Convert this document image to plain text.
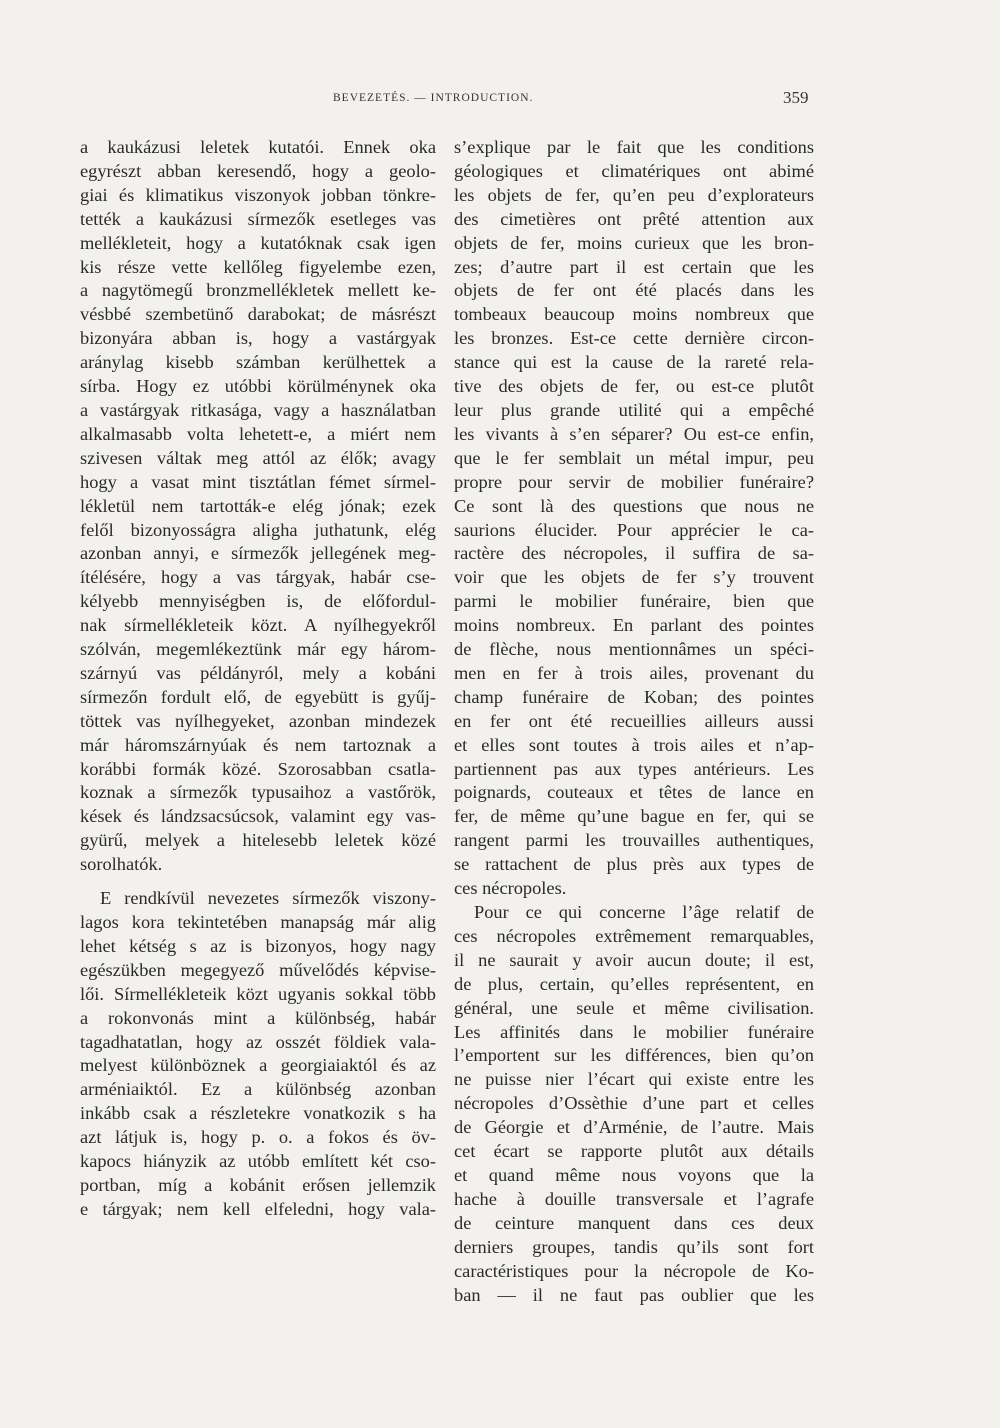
BEVEZETÉS. — INTRODUCTION.	359
a kaukázusi leletek kutatói. Ennek oka
egyrészt abban keresendő, hogy a geolo-
giai és klimatikus viszonyok jobban tönkre-
tették a kaukázusi sírmezők esetleges vas
mellékleteit, hogy a kutatóknak csak igen
kis része vette kellőleg figyelembe ezen,
a nagytömegű bronzmellékletek mellett ke-
vésbbé szembetünő darabokat; de másrészt
bizonyára abban is, hogy a vastárgyak
aránylag kisebb számban kerülhettek a
sírba. Hogy ez utóbbi körülménynek oka
a vastárgyak ritkasága, vagy a használatban
alkalmasabb volta lehetett-e, a miért nem
szivesen váltak meg attól az élők; avagy
hogy a vasat mint tisztátlan fémet sírmel-
lékletül nem tartották-e elég jónak; ezek
felől bizonyosságra aligha juthatunk, elég
azonban annyi, e sírmezők jellegének meg-
ítélésére, hogy a vas tárgyak, habár cse-
kélyebb mennyiségben is, de előfordul-
nak sírmellékleteik közt. A nyílhegyekről
szólván, megemlékeztünk már egy három-
szárnyú vas példányról, mely a kobáni
sírmezőn fordult elő, de egyebütt is gyűj-
töttek vas nyílhegyeket, azonban mindezek
már háromszárnyúak és nem tartoznak a
korábbi formák közé. Szorosabban csatla-
koznak a sírmezők typusaihoz a vastőrök,
kések és lándzsacsúcsok, valamint egy vas-
gyürű, melyek a hitelesebb leletek közé
sorolhatók.
E rendkívül nevezetes sírmezők viszony-
lagos kora tekintetében manapság már alig
lehet kétség s az is bizonyos, hogy nagy
egészükben megegyező művelődés képvise-
lői. Sírmellékleteik közt ugyanis sokkal több
a rokonvonás mint a különbség, habár
tagadhatatlan, hogy az osszét földiek vala-
melyest különböznek a georgiaiaktól és az
arméniaiktól. Ez a különbség azonban
inkább csak a részletekre vonatkozik s ha
azt látjuk is, hogy p. o. a fokos és öv-
kapocs hiányzik az utóbb említett két cso-
portban, míg a kobánit erősen jellemzik
e tárgyak; nem kell elfeledni, hogy vala-
s’explique par le fait que les conditions
géologiques et climatériques ont abimé
les objets de fer, qu’en peu d’explorateurs
des cimetières ont prêté attention aux
objets de fer, moins curieux que les bron-
zes; d’autre part il est certain que les
objets de fer ont été placés dans les
tombeaux beaucoup moins nombreux que
les bronzes. Est-ce cette dernière circon-
stance qui est la cause de la rareté rela-
tive des objets de fer, ou est-ce plutôt
leur plus grande utilité qui a empêché
les vivants à s’en séparer? Ou est-ce enfin,
que le fer semblait un métal impur, peu
propre pour servir de mobilier funéraire?
Ce sont là des questions que nous ne
saurions élucider. Pour apprécier le ca-
ractère des nécropoles, il suffira de sa-
voir que les objets de fer s’y trouvent
parmi le mobilier funéraire, bien que
moins nombreux. En parlant des pointes
de flèche, nous mentionnâmes un spéci-
men en fer à trois ailes, provenant du
champ funéraire de Koban; des pointes
en fer ont été recueillies ailleurs aussi
et elles sont toutes à trois ailes et n’ap-
partiennent pas aux types antérieurs. Les
poignards, couteaux et têtes de lance en
fer, de même qu’une bague en fer, qui se
rangent parmi les trouvailles authentiques,
se rattachent de plus près aux types de
ces nécropoles.
Pour ce qui concerne l’âge relatif de
ces nécropoles extrêmement remarquables,
il ne saurait y avoir aucun doute; il est,
de plus, certain, qu’elles représentent, en
général, une seule et même civilisation.
Les affinités dans le mobilier funéraire
l’emportent sur les différences, bien qu’on
ne puisse nier l’écart qui existe entre les
nécropoles d’Ossèthie d’une part et celles
de Géorgie et d’Arménie, de l’autre. Mais
cet écart se rapporte plutôt aux détails
et quand même nous voyons que la
hache à douille transversale et l’agrafe
de ceinture manquent dans ces deux
derniers groupes, tandis qu’ils sont fort
caractéristiques pour la nécropole de Ko-
ban — il ne faut pas oublier que les
